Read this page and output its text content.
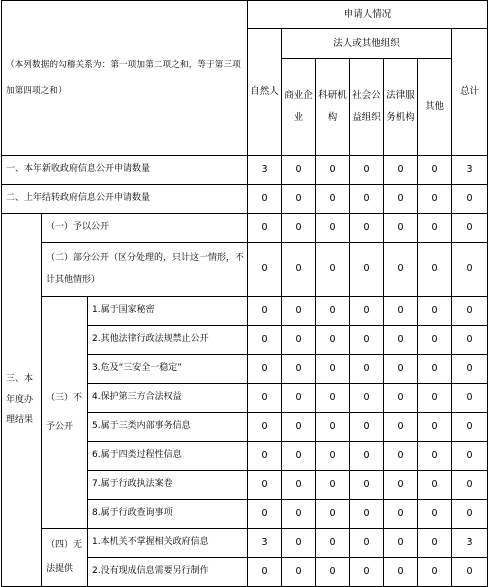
（本列数据的勾稽关系为：第一项加第二项之和，等于第三项加第四项之和）			申请人情况						
			自然人	法人或其他组织					总计
				商业企业	科研机构	社会公益组织	法律服务机构	其他	
一、本年新收政府信息公开申请数量			3	0	0	0	0	0	3
二、上年结转政府信息公开申请数量			0	0	0	0	0	0	0
三、本年度办理结果	（一）予以公开		0	0	0	0	0	0	0
	（二）部分公开（区分处理的，只计这一情形，不计其他情形）		0	0	0	0	0	0	0
	（三）不予公开	1.属于国家秘密	0	0	0	0	0	0	0
		2.其他法律行政法规禁止公开	0	0	0	0	0	0	0
		3.危及“三安全一稳定”	0	0	0	0	0	0	0
		4.保护第三方合法权益	0	0	0	0	0	0	0
		5.属于三类内部事务信息	0	0	0	0	0	0	0
		6.属于四类过程性信息	0	0	0	0	0	0	0
		7.属于行政执法案卷	0	0	0	0	0	0	0
		8.属于行政查询事项	0	0	0	0	0	0	0
	（四）无法提供	1.本机关不掌握相关政府信息	3	0	0	0	0	0	3
		2.没有现成信息需要另行制作	0	0	0	0	0	0	0
